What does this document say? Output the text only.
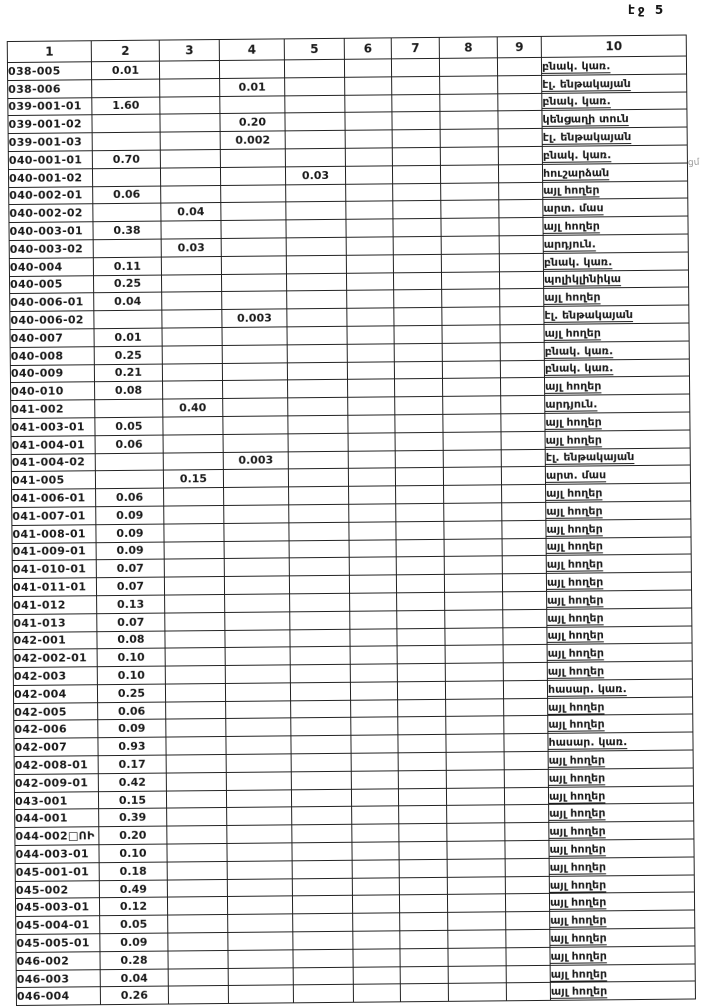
էջ 5
ցմ
1	2	3	4	5	6	7	8	9	10
038-005	0.01								բնակ. կառ.
038-006			0.01						էլ. ենթակայան
039-001-01	1.60								բնակ. կառ.
039-001-02			0.20						կենցաղի տուն
039-001-03			0.002						էլ. ենթակայան
040-001-01	0.70								բնակ. կառ.
040-001-02				0.03					հուշարձան
040-002-01	0.06								այլ հողեր
040-002-02		0.04							արտ. մաս
040-003-01	0.38								այլ հողեր
040-003-02		0.03							արդյուն.
040-004	0.11								բնակ. կառ.
040-005	0.25								պոլիկլինիկա
040-006-01	0.04								այլ հողեր
040-006-02			0.003						էլ. ենթակայան
040-007	0.01								այլ հողեր
040-008	0.25								բնակ. կառ.
040-009	0.21								բնակ. կառ.
040-010	0.08								այլ հողեր
041-002		0.40							արդյուն.
041-003-01	0.05								այլ հողեր
041-004-01	0.06								այլ հողեր
041-004-02			0.003						էլ. ենթակայան
041-005		0.15							արտ. մաս
041-006-01	0.06								այլ հողեր
041-007-01	0.09								այլ հողեր
041-008-01	0.09								այլ հողեր
041-009-01	0.09								այլ հողեր
041-010-01	0.07								այլ հողեր
041-011-01	0.07								այլ հողեր
041-012	0.13								այլ հողեր
041-013	0.07								այլ հողեր
042-001	0.08								այլ հողեր
042-002-01	0.10								այլ հողեր
042-003	0.10								այլ հողեր
042-004	0.25								հասար. կառ.
042-005	0.06								այլ հողեր
042-006	0.09								այլ հողեր
042-007	0.93								հասար. կառ.
042-008-01	0.17								այլ հողեր
042-009-01	0.42								այլ հողեր
043-001	0.15								այլ հողեր
044-001	0.39								այլ հողեր
044-002□ՈԻ	0.20								այլ հողեր
044-003-01	0.10								այլ հողեր
045-001-01	0.18								այլ հողեր
045-002	0.49								այլ հողեր
045-003-01	0.12								այլ հողեր
045-004-01	0.05								այլ հողեր
045-005-01	0.09								այլ հողեր
046-002	0.28								այլ հողեր
046-003	0.04								այլ հողեր
046-004	0.26								այլ հողեր
